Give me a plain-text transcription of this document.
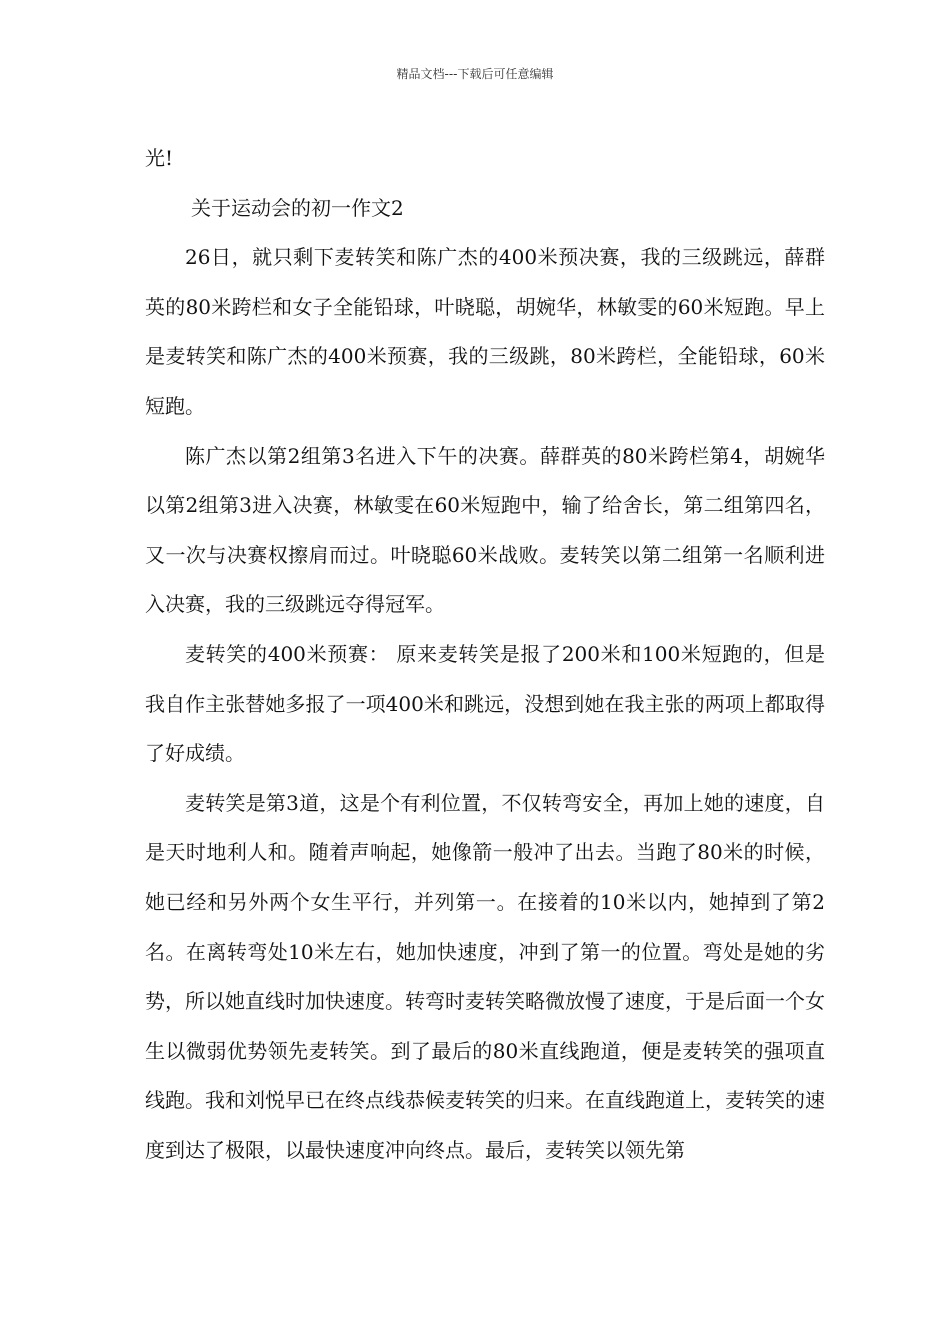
精品文档---下载后可任意编辑

光!

关于运动会的初一作文2

26日，就只剩下麦转笑和陈广杰的400米预决赛，我的三级跳远，薛群英的80米跨栏和女子全能铅球，叶晓聪，胡婉华，林敏雯的60米短跑。早上是麦转笑和陈广杰的400米预赛，我的三级跳，80米跨栏，全能铅球，60米短跑。

陈广杰以第2组第3名进入下午的决赛。薛群英的80米跨栏第4，胡婉华以第2组第3进入决赛，林敏雯在60米短跑中，输了给舍长，第二组第四名，又一次与决赛权擦肩而过。叶晓聪60米战败。麦转笑以第二组第一名顺利进入决赛，我的三级跳远夺得冠军。

麦转笑的400米预赛： 原来麦转笑是报了200米和100米短跑的，但是我自作主张替她多报了一项400米和跳远，没想到她在我主张的两项上都取得了好成绩。

麦转笑是第3道，这是个有利位置，不仅转弯安全，再加上她的速度，自是天时地利人和。随着声响起，她像箭一般冲了出去。当跑了80米的时候，她已经和另外两个女生平行，并列第一。在接着的10米以内，她掉到了第2名。在离转弯处10米左右，她加快速度，冲到了第一的位置。弯处是她的劣势，所以她直线时加快速度。转弯时麦转笑略微放慢了速度，于是后面一个女生以微弱优势领先麦转笑。到了最后的80米直线跑道，便是麦转笑的强项直线跑。我和刘悦早已在终点线恭候麦转笑的归来。在直线跑道上，麦转笑的速度到达了极限，以最快速度冲向终点。最后，麦转笑以领先第
